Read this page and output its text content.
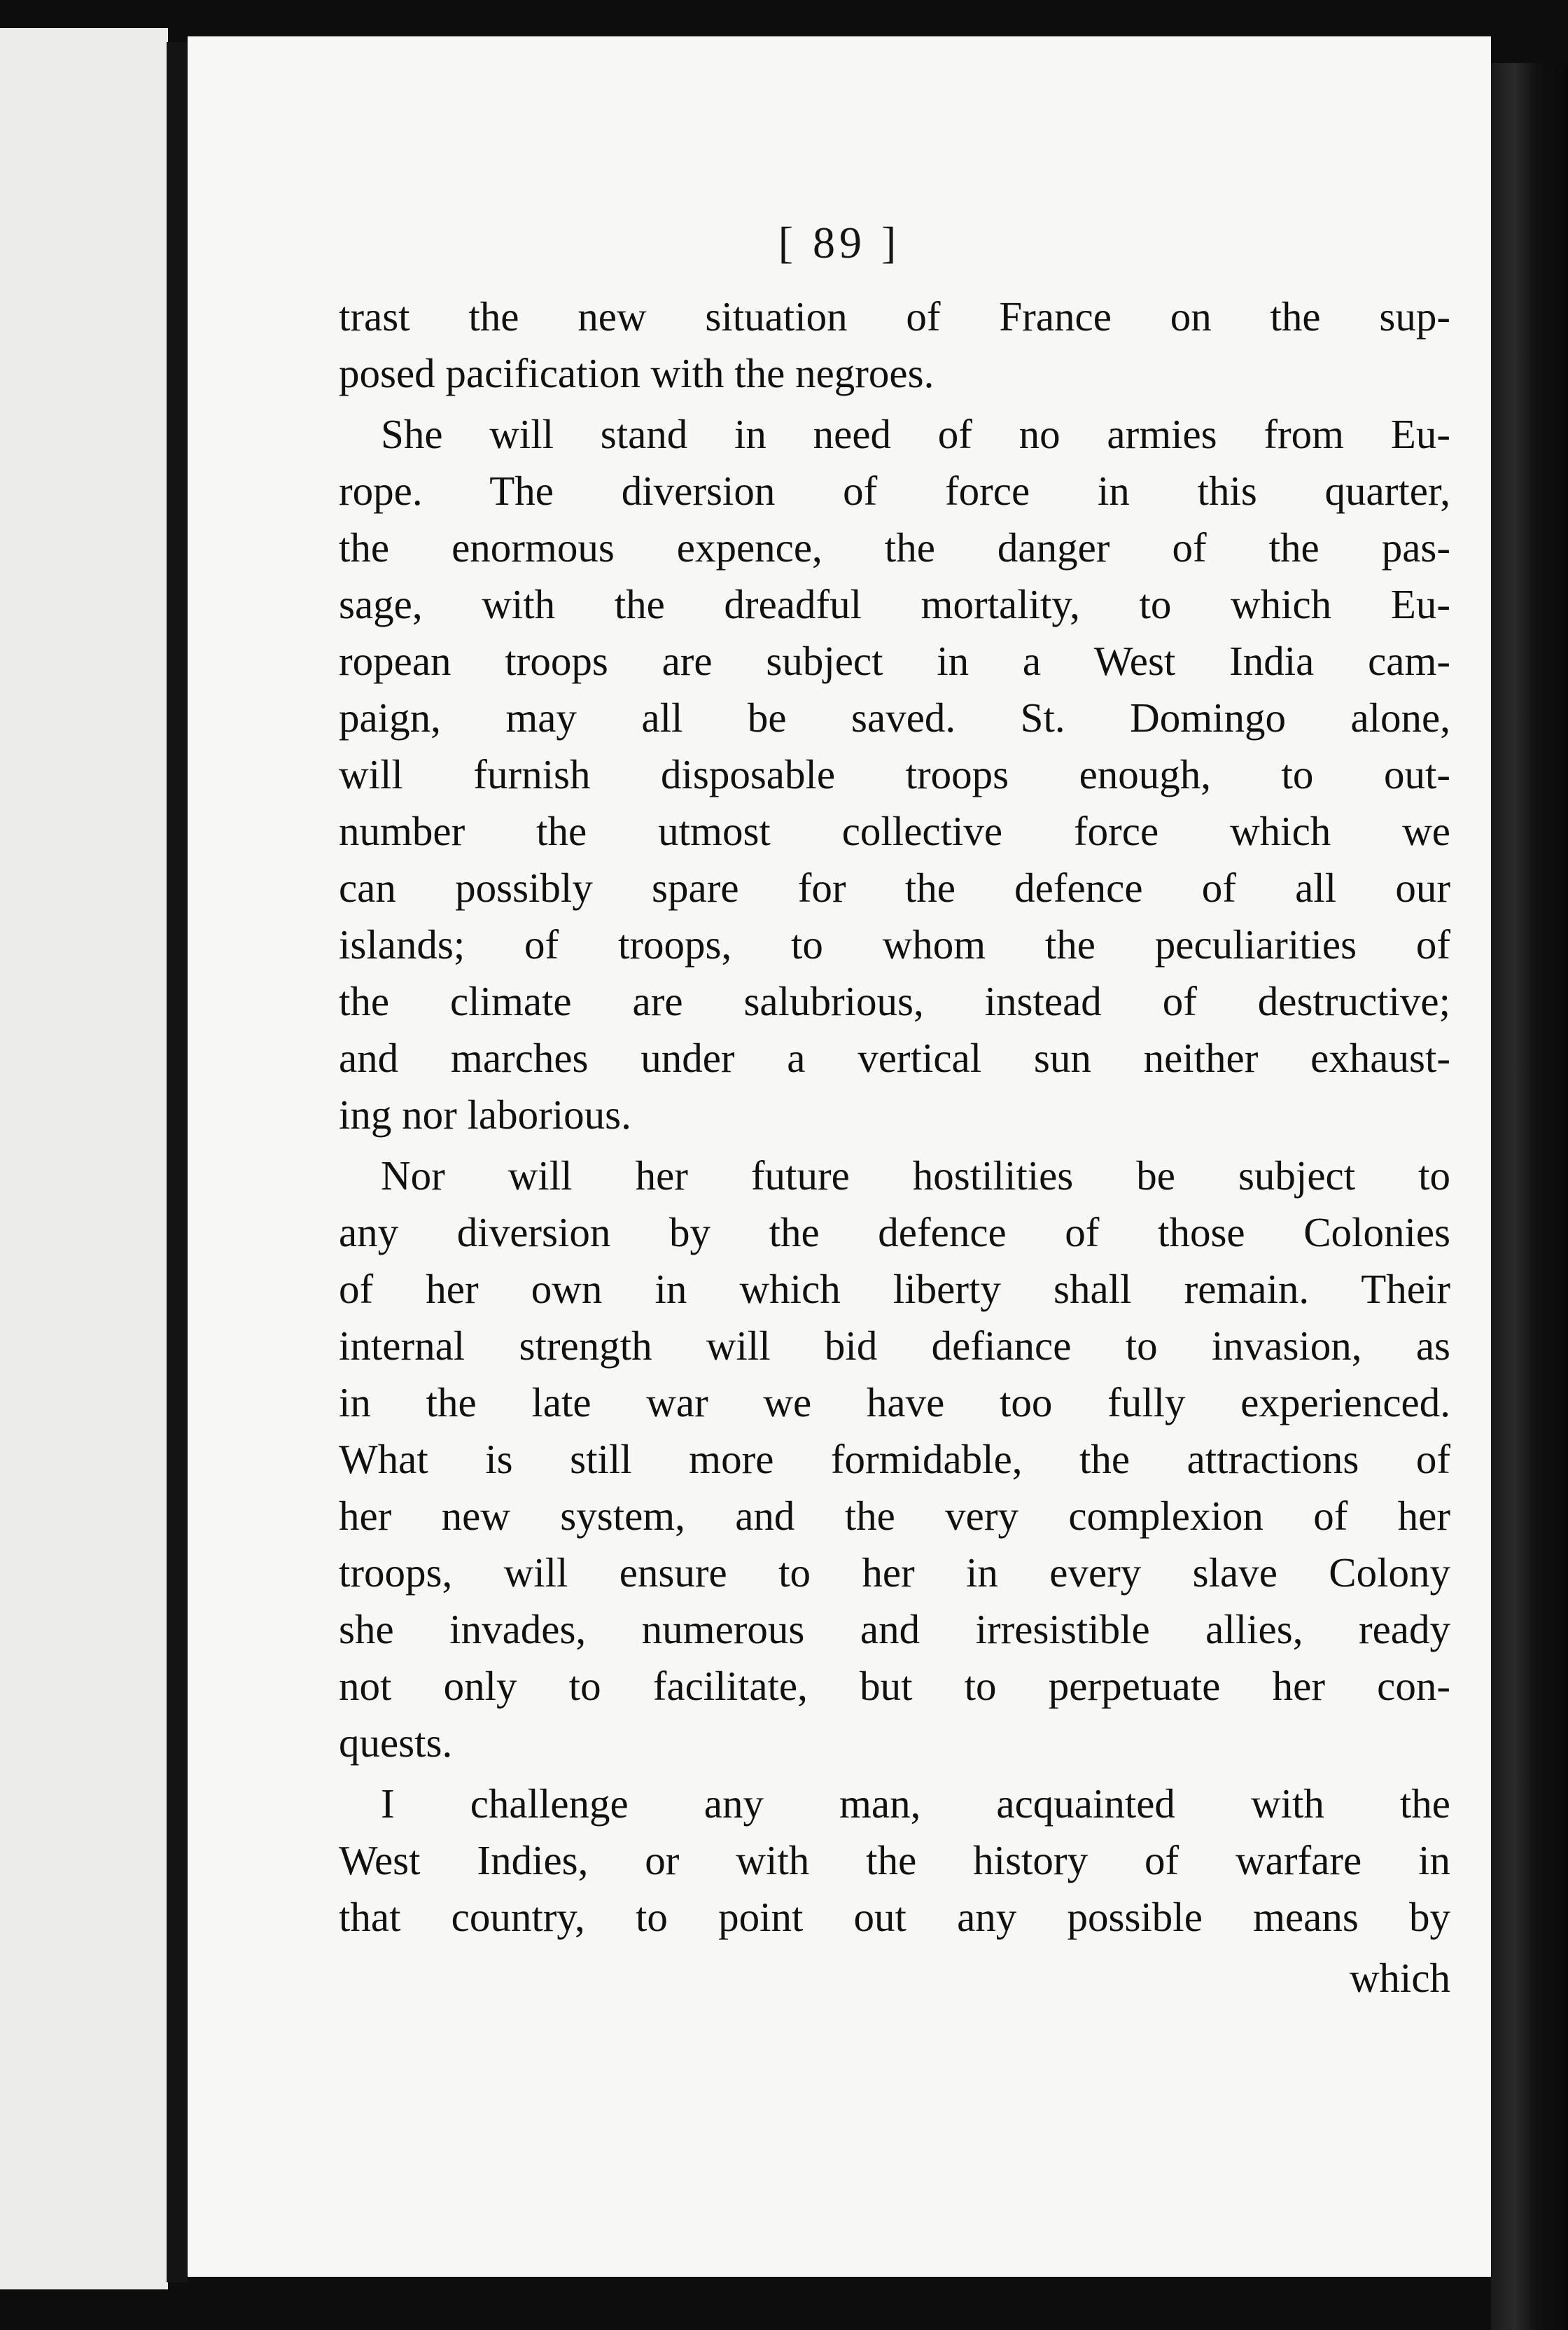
[ 89 ]
trast the new situation of France on the sup-
posed pacification with the negroes.
She will stand in need of no armies from Eu-
rope. The diversion of force in this quarter,
the enormous expence, the danger of the pas-
sage, with the dreadful mortality, to which Eu-
ropean troops are subject in a West India cam-
paign, may all be saved. St. Domingo alone,
will furnish disposable troops enough, to out-
number the utmost collective force which we
can possibly spare for the defence of all our
islands; of troops, to whom the peculiarities of
the climate are salubrious, instead of destructive;
and marches under a vertical sun neither exhaust-
ing nor laborious.
Nor will her future hostilities be subject to
any diversion by the defence of those Colonies
of her own in which liberty shall remain. Their
internal strength will bid defiance to invasion, as
in the late war we have too fully experienced.
What is still more formidable, the attractions of
her new system, and the very complexion of her
troops, will ensure to her in every slave Colony
she invades, numerous and irresistible allies, ready
not only to facilitate, but to perpetuate her con-
quests.
I challenge any man, acquainted with the
West Indies, or with the history of warfare in
that country, to point out any possible means by
which
